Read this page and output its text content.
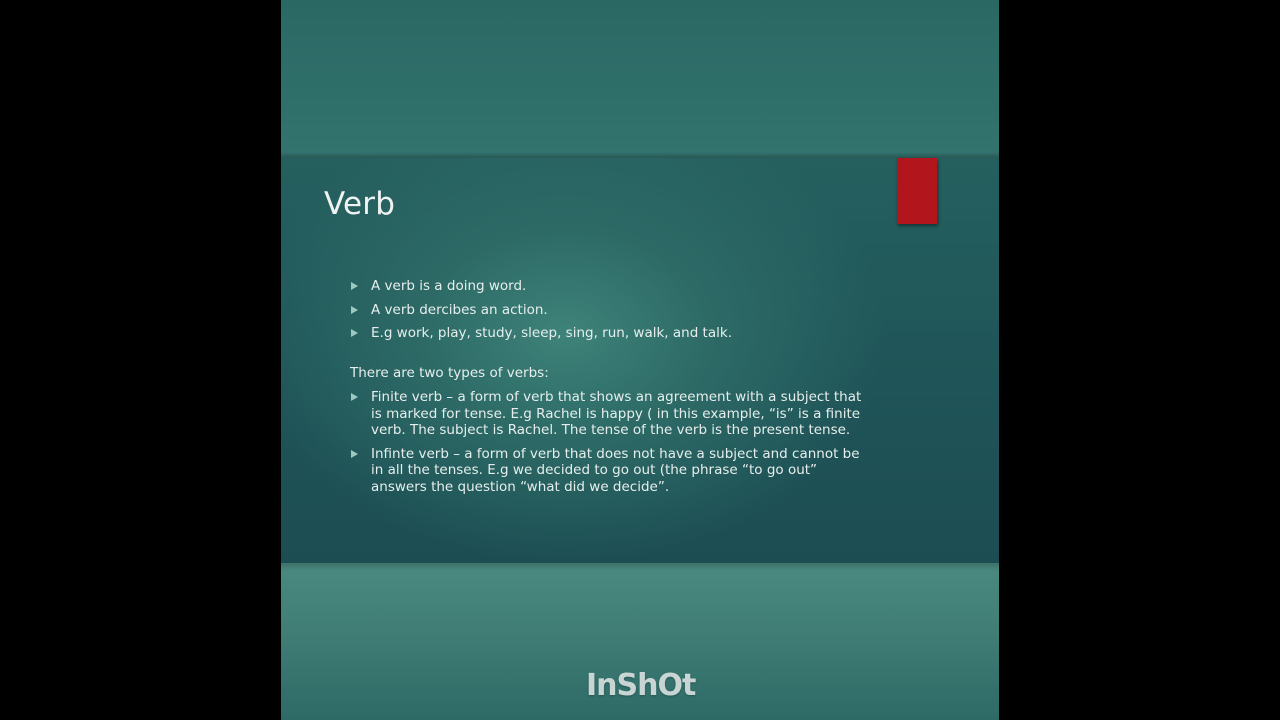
Verb
A verb is a doing word.
A verb dercibes an action.
E.g work, play, study, sleep, sing, run, walk, and talk.

There are two types of verbs:

Finite verb – a form of verb that shows an agreement with a subject that is marked for tense. E.g Rachel is happy ( in this example, “is” is a finite verb. The subject is Rachel. The tense of the verb is the present tense.
Infinte verb – a form of verb that does not have a subject and cannot be in all the tenses. E.g we decided to go out (the phrase “to go out” answers the question “what did we decide”.
InShOt
